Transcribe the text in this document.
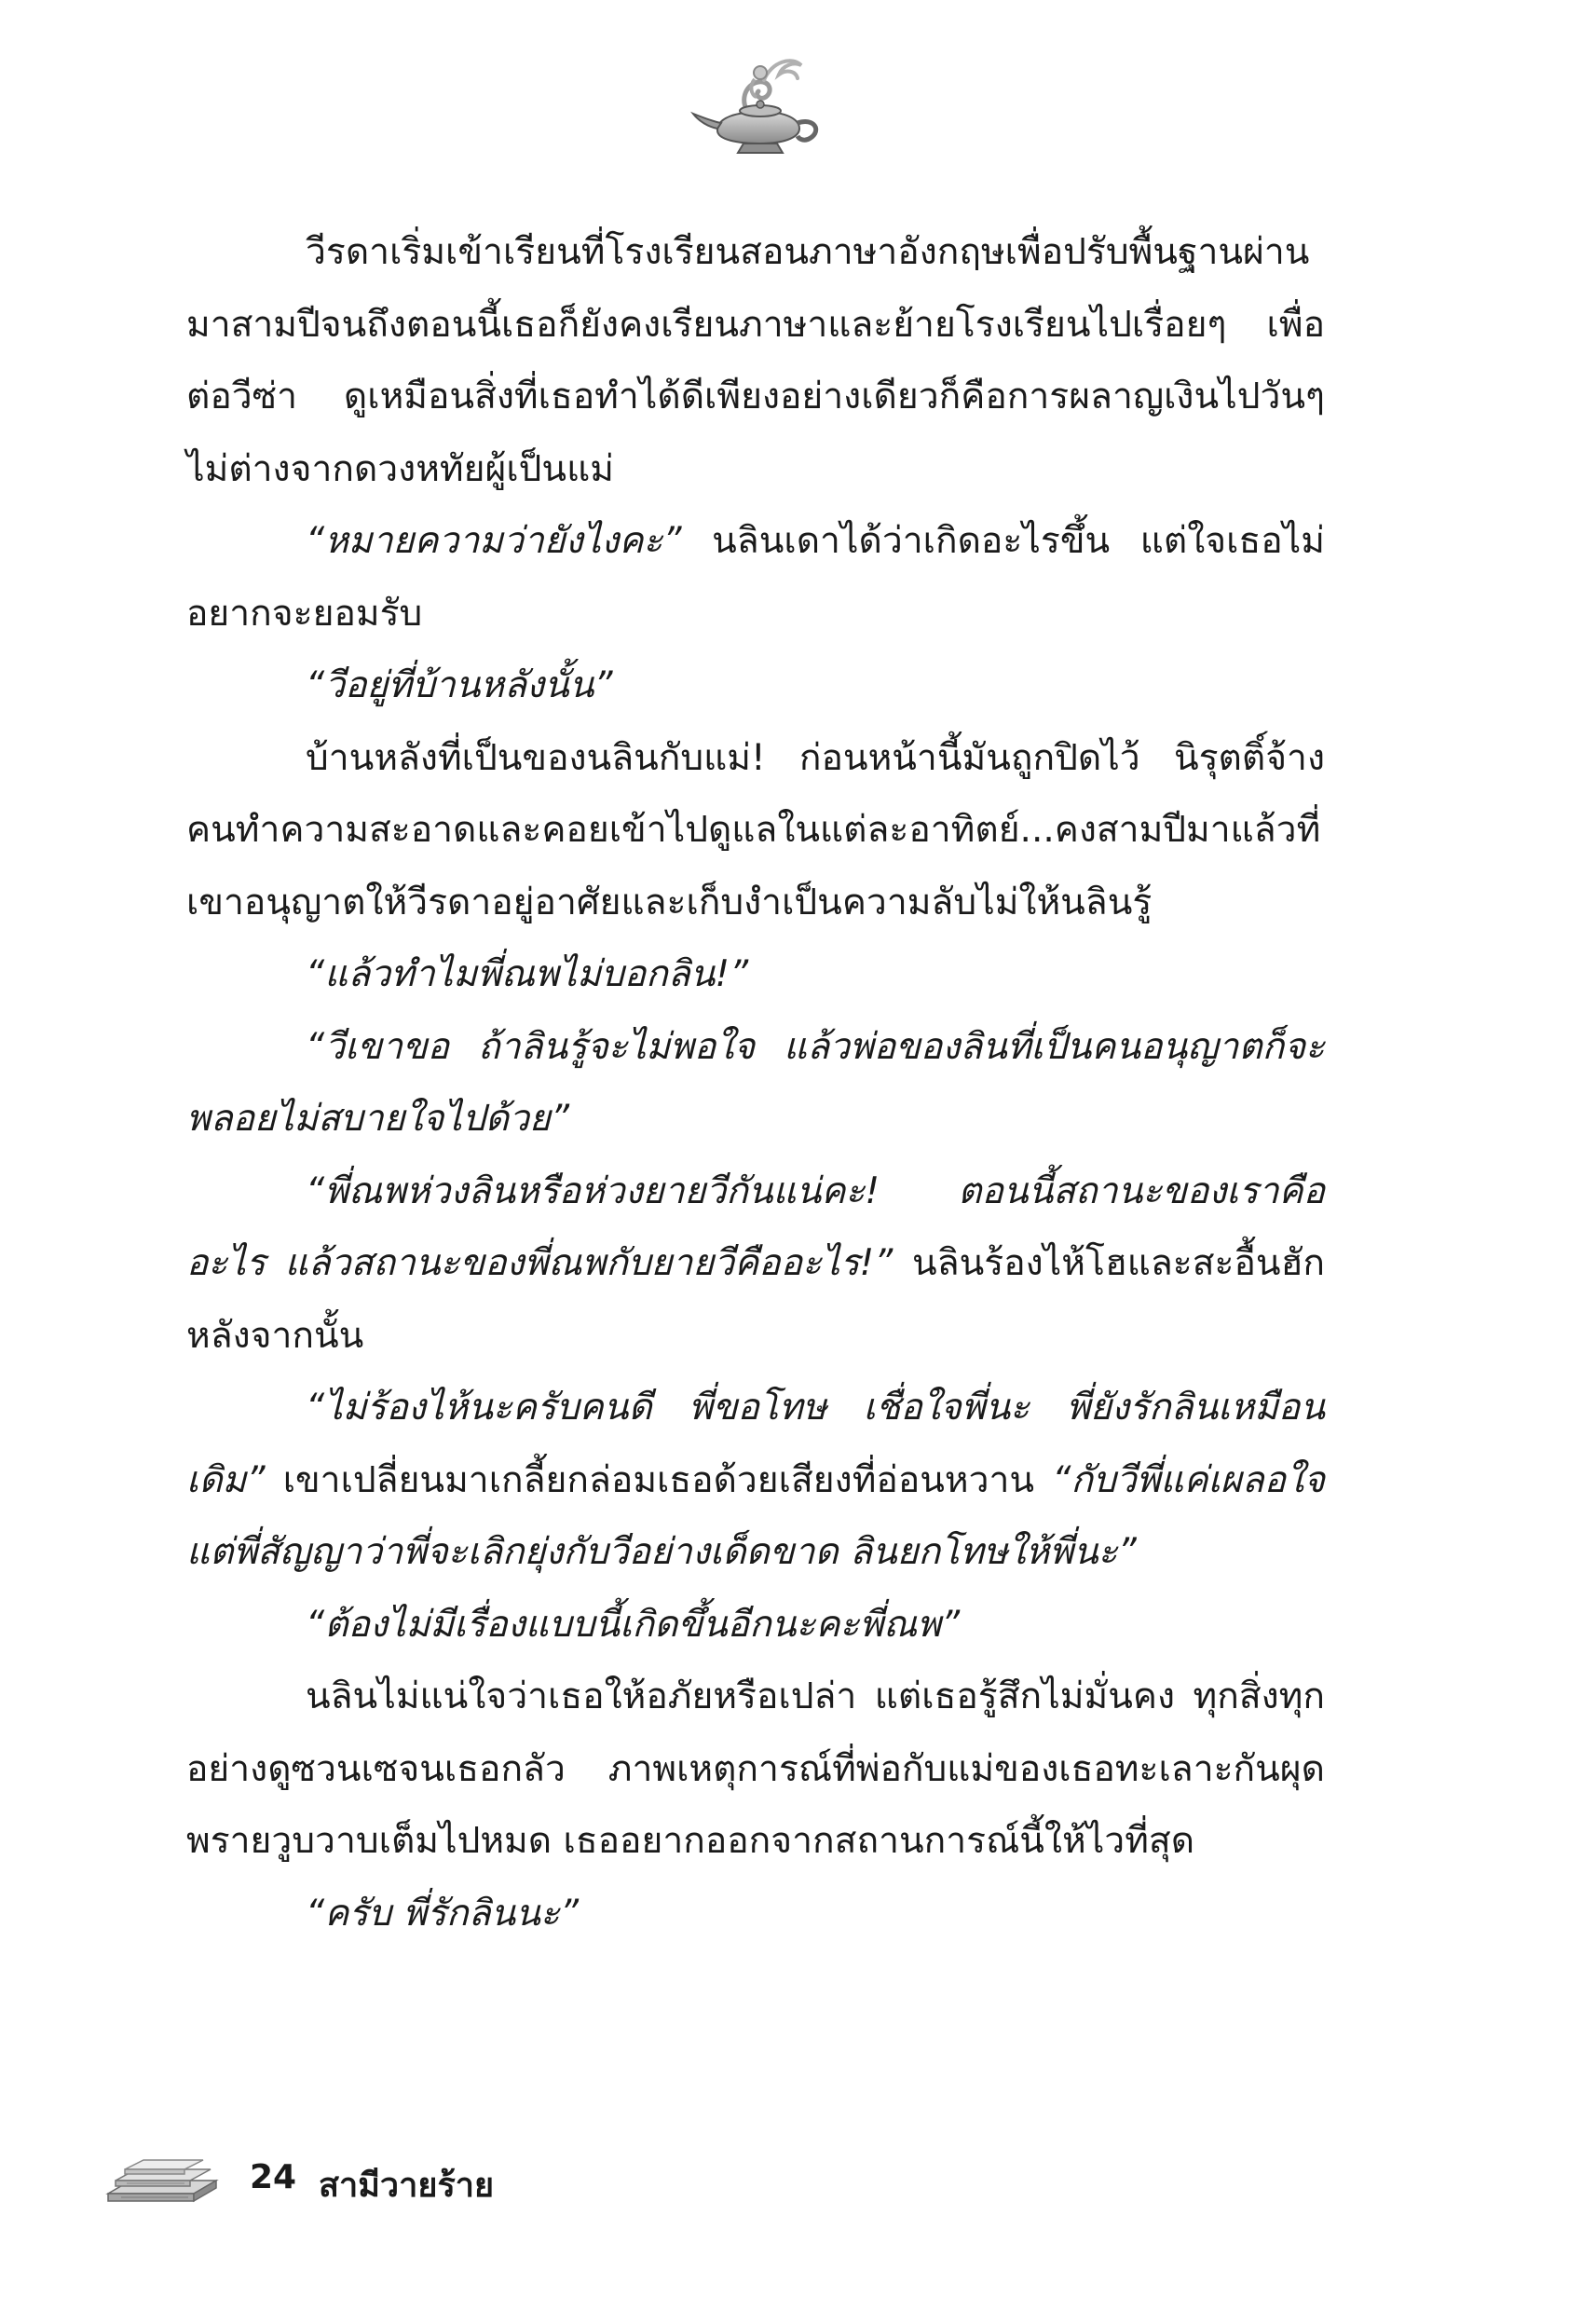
วีรดาเริ่มเข้าเรียนที่โรงเรียนสอนภาษาอังกฤษเพื่อปรับพื้นฐานผ่านมาสามปีจนถึงตอนนี้เธอก็ยังคงเรียนภาษาและย้ายโรงเรียนไปเรื่อยๆ เพื่อต่อวีซ่า ดูเหมือนสิ่งที่เธอทำได้ดีเพียงอย่างเดียวก็คือการผลาญเงินไปวันๆ ไม่ต่างจากดวงหทัยผู้เป็นแม่

“หมายความว่ายังไงคะ” นลินเดาได้ว่าเกิดอะไรขึ้น แต่ใจเธอไม่อยากจะยอมรับ

“วีอยู่ที่บ้านหลังนั้น”

บ้านหลังที่เป็นของนลินกับแม่! ก่อนหน้านี้มันถูกปิดไว้ นิรุตติ์จ้างคนทำความสะอาดและคอยเข้าไปดูแลในแต่ละอาทิตย์...คงสามปีมาแล้วที่เขาอนุญาตให้วีรดาอยู่อาศัยและเก็บงำเป็นความลับไม่ให้นลินรู้

“แล้วทำไมพี่ณพไม่บอกลิน!”

“วีเขาขอ ถ้าลินรู้จะไม่พอใจ แล้วพ่อของลินที่เป็นคนอนุญาตก็จะพลอยไม่สบายใจไปด้วย”

“พี่ณพห่วงลินหรือห่วงยายวีกันแน่คะ! ตอนนี้สถานะของเราคืออะไร แล้วสถานะของพี่ณพกับยายวีคืออะไร!” นลินร้องไห้โฮและสะอื้นฮักหลังจากนั้น

“ไม่ร้องไห้นะครับคนดี พี่ขอโทษ เชื่อใจพี่นะ พี่ยังรักลินเหมือนเดิม” เขาเปลี่ยนมาเกลี้ยกล่อมเธอด้วยเสียงที่อ่อนหวาน “กับวีพี่แค่เผลอใจ แต่พี่สัญญาว่าพี่จะเลิกยุ่งกับวีอย่างเด็ดขาด ลินยกโทษให้พี่นะ”

“ต้องไม่มีเรื่องแบบนี้เกิดขึ้นอีกนะคะพี่ณพ”

นลินไม่แน่ใจว่าเธอให้อภัยหรือเปล่า แต่เธอรู้สึกไม่มั่นคง ทุกสิ่งทุกอย่างดูซวนเซจนเธอกลัว ภาพเหตุการณ์ที่พ่อกับแม่ของเธอทะเลาะกันผุดพรายวูบวาบเต็มไปหมด เธออยากออกจากสถานการณ์นี้ให้ไวที่สุด

“ครับ พี่รักลินนะ”

24 สามีวายร้าย
